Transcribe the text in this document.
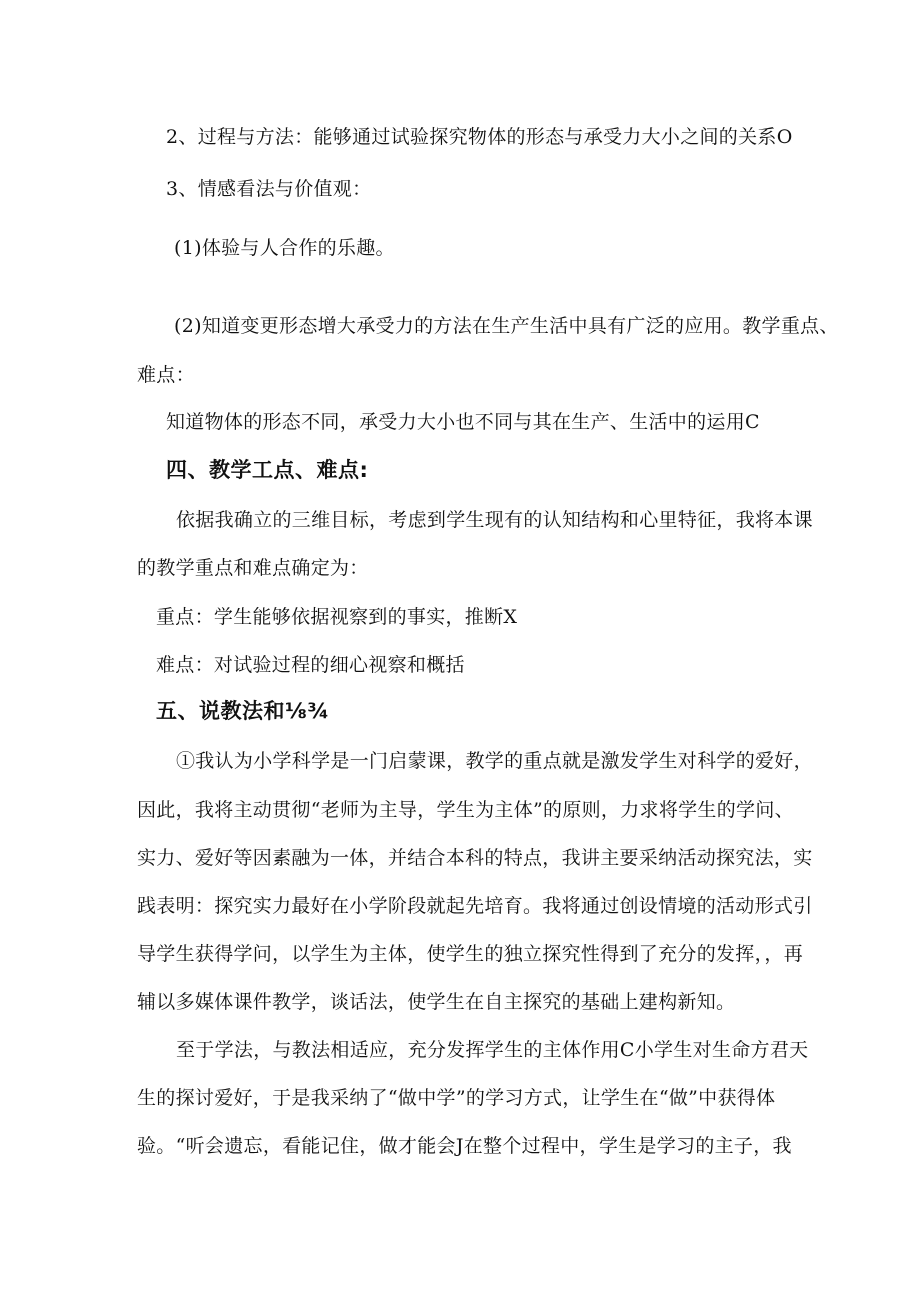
2、过程与方法：能够通过试验探究物体的形态与承受力大小之间的关系O
3、情感看法与价值观：
(1)体验与人合作的乐趣。
(2)知道变更形态增大承受力的方法在生产生活中具有广泛的应用。教学重点、
难点：
知道物体的形态不同，承受力大小也不同与其在生产、生活中的运用C
四、教学工点、难点:
依据我确立的三维目标，考虑到学生现有的认知结构和心里特征，我将本课
的教学重点和难点确定为：
重点：学生能够依据视察到的事实，推断X
难点：对试验过程的细心视察和概括
五、说教法和⅛¾
①我认为小学科学是一门启蒙课，教学的重点就是激发学生对科学的爱好，
因此，我将主动贯彻“老师为主导，学生为主体”的原则，力求将学生的学问、
实力、爱好等因素融为一体，并结合本科的特点，我讲主要采纳活动探究法，实
践表明：探究实力最好在小学阶段就起先培育。我将通过创设情境的活动形式引
导学生获得学问，以学生为主体，使学生的独立探究性得到了充分的发挥，，再
辅以多媒体课件教学，谈话法，使学生在自主探究的基础上建构新知。
至于学法，与教法相适应，充分发挥学生的主体作用C小学生对生命方君天
生的探讨爱好，于是我采纳了“做中学”的学习方式，让学生在“做”中获得体
验。“听会遗忘，看能记住，做才能会J在整个过程中，学生是学习的主子，我
